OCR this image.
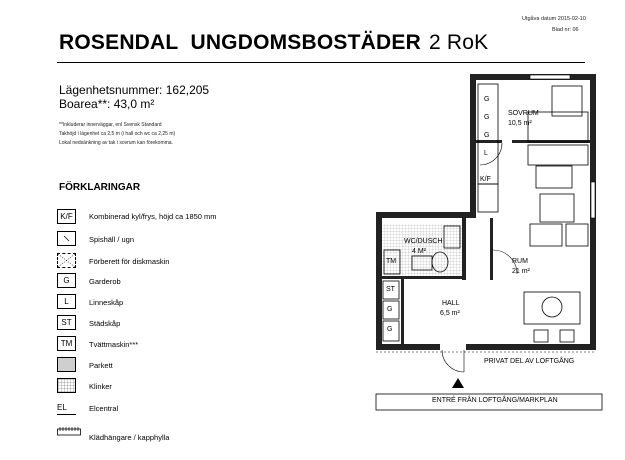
Utgåva datum 2015-02-10
Blad nr: 06
ROSENDAL UNGDOMSBOSTÄDER 2 RoK
Lägenhetsnummer: 162,205
Boarea**: 43,0 m²
**Inkluderar innerväggar, enl Svensk Standard
Takhöjd i lägenhet ca 2,5 m (i hall och wc ca 2,25 m)
Lokal nedsänkning av tak i sovrum kan förekomma.
FÖRKLARINGAR
K/F	Kombinerad kyl/frys, höjd ca 1850 mm
Spishäll / ugn
Förberett för diskmaskin
G	Garderob
L	Linneskåp
ST	Städskåp
TM	Tvättmaskin***
Parkett
Klinker
EL	Elcentral
Klädhängare / kapphylla
SOVRUM
10,5 m²
WC/DUSCH
4 M²
RUM
21 m²
HALL
6,5 m²
G
G
G
L
K/F
TM
ST
G
G
PRIVAT DEL AV LOFTGÅNG
ENTRÉ FRÅN LOFTGÅNG/MARKPLAN
